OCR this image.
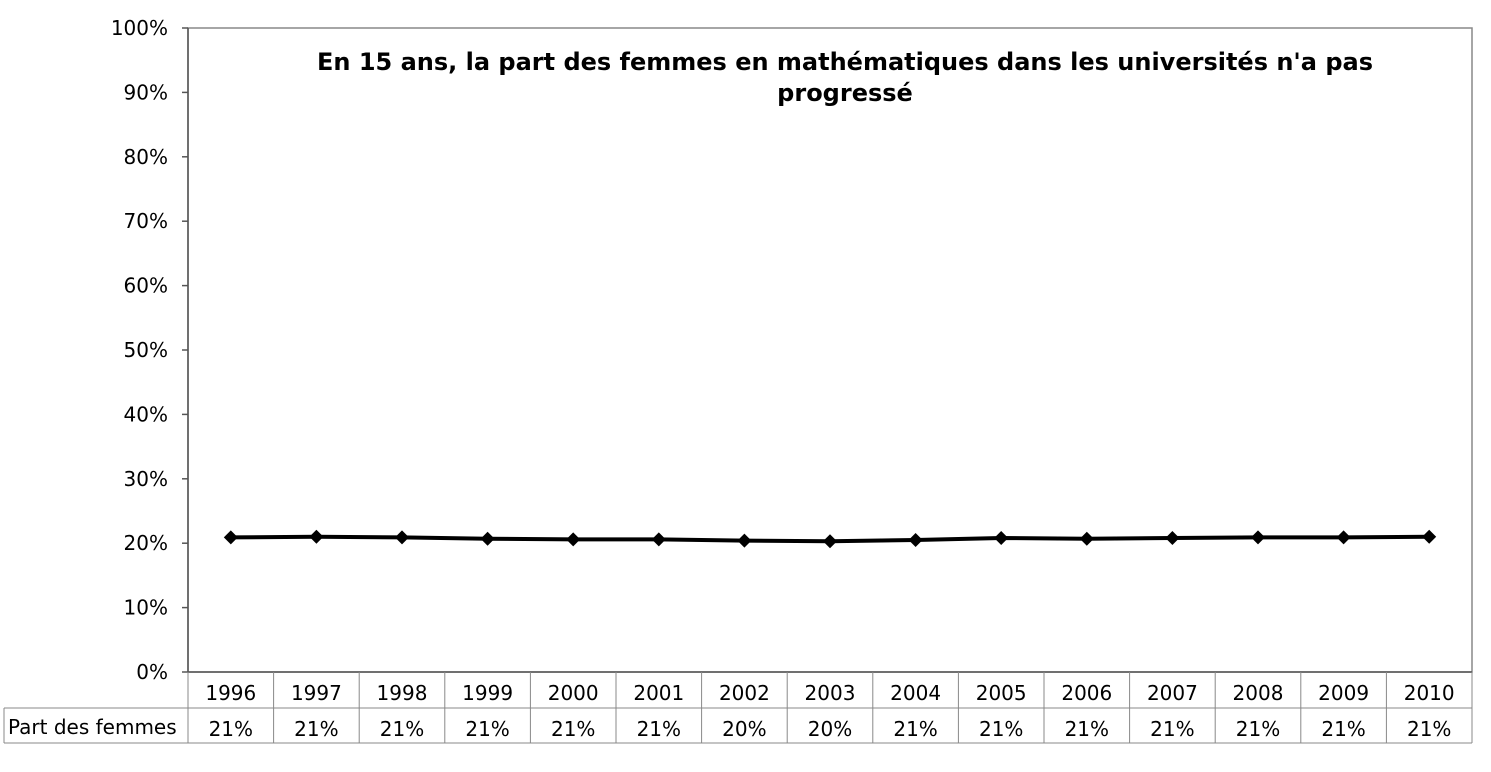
En 15 ans, la part des femmes en mathématiques dans les universités n'a pas
progressé
0%
10%
20%
30%
40%
50%
60%
70%
80%
90%
100%
1996 1997 1998 1999 2000 2001 2002 2003 2004 2005 2006 2007 2008 2009 2010
Part des femmes 21% 21% 21% 21% 21% 21% 20% 20% 21% 21% 21% 21% 21% 21% 21%
